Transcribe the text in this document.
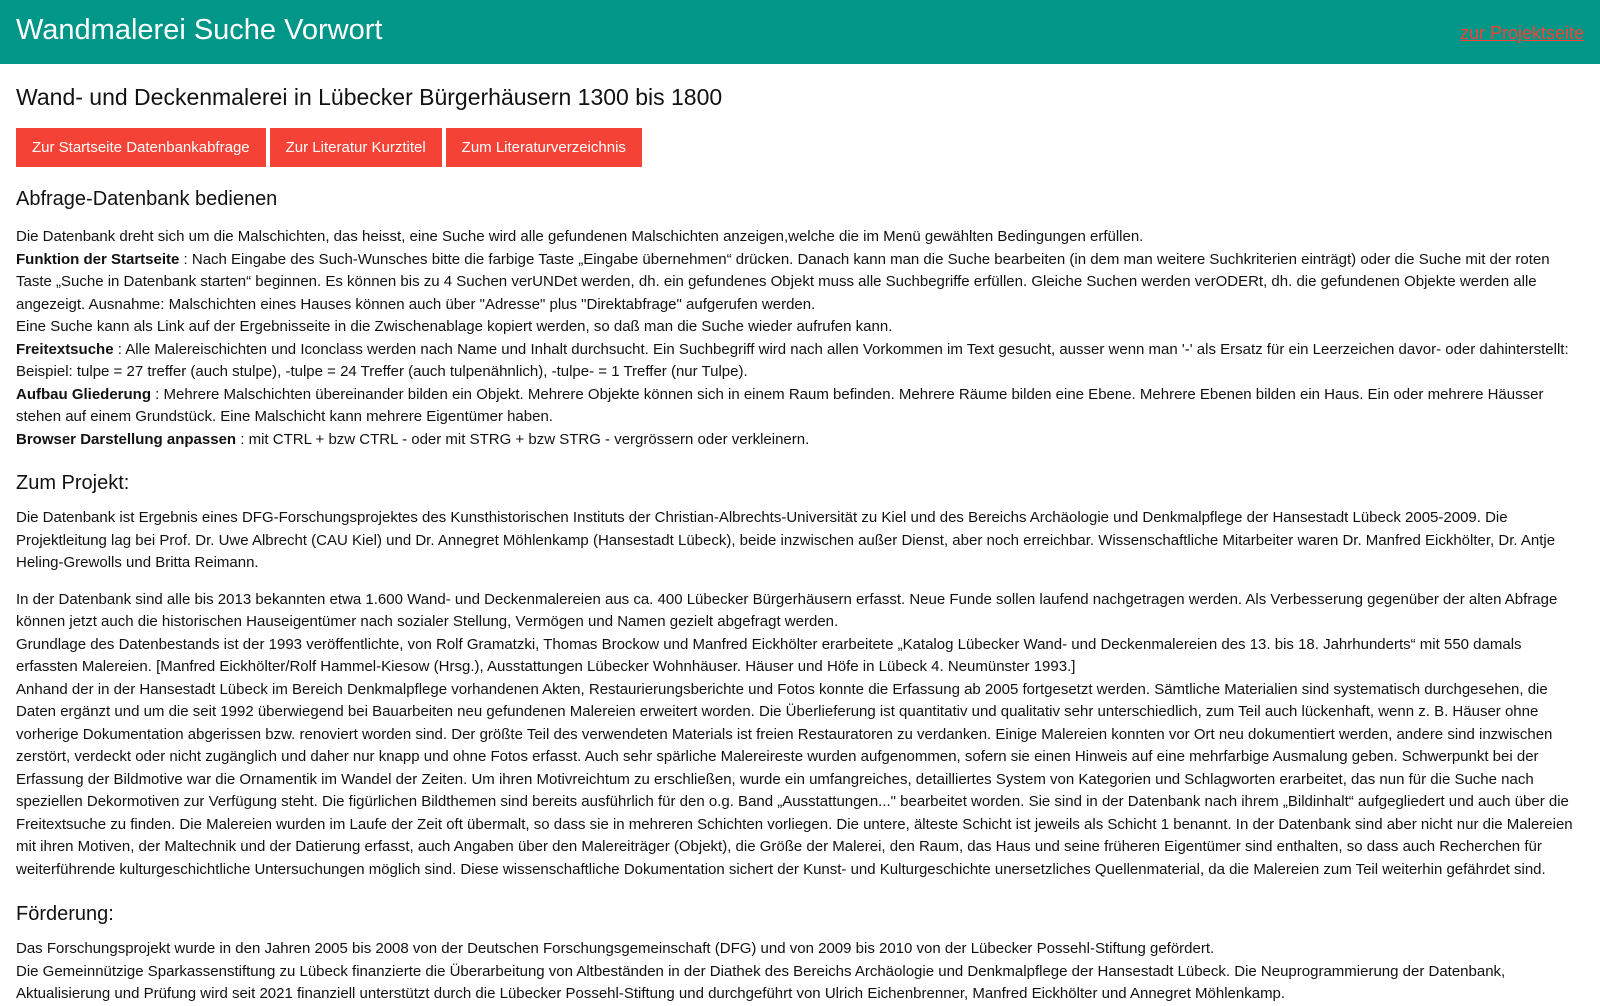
Wandmalerei Suche Vorwort	zur Projektseite
Wand- und Deckenmalerei in Lübecker Bürgerhäusern 1300 bis 1800
Zur Startseite Datenbankabfrage	Zur Literatur Kurztitel	Zum Literaturverzeichnis
Abfrage-Datenbank bedienen

Die Datenbank dreht sich um die Malschichten, das heisst, eine Suche wird alle gefundenen Malschichten anzeigen,welche die im Menü gewählten Bedingungen erfüllen.

Funktion der Startseite : Nach Eingabe des Such-Wunsches bitte die farbige Taste „Eingabe übernehmen“ drücken. Danach kann man die Suche bearbeiten (in dem man weitere Suchkriterien einträgt) oder die Suche mit der roten Taste „Suche in Datenbank starten“ beginnen. Es können bis zu 4 Suchen verUNDet werden, dh. ein gefundenes Objekt muss alle Suchbegriffe erfüllen. Gleiche Suchen werden verODERt, dh. die gefundenen Objekte werden alle angezeigt. Ausnahme: Malschichten eines Hauses können auch über "Adresse" plus "Direktabfrage" aufgerufen werden.

Eine Suche kann als Link auf der Ergebnisseite in die Zwischenablage kopiert werden, so daß man die Suche wieder aufrufen kann.

Freitextsuche : Alle Malereischichten und Iconclass werden nach Name und Inhalt durchsucht. Ein Suchbegriff wird nach allen Vorkommen im Text gesucht, ausser wenn man '-' als Ersatz für ein Leerzeichen davor- oder dahinterstellt: Beispiel: tulpe = 27 treffer (auch stulpe), -tulpe = 24 Treffer (auch tulpenähnlich), -tulpe- = 1 Treffer (nur Tulpe).

Aufbau Gliederung : Mehrere Malschichten übereinander bilden ein Objekt. Mehrere Objekte können sich in einem Raum befinden. Mehrere Räume bilden eine Ebene. Mehrere Ebenen bilden ein Haus. Ein oder mehrere Häusser stehen auf einem Grundstück. Eine Malschicht kann mehrere Eigentümer haben.

Browser Darstellung anpassen : mit CTRL + bzw CTRL - oder mit STRG + bzw STRG - vergrössern oder verkleinern.

Zum Projekt:

Die Datenbank ist Ergebnis eines DFG-Forschungsprojektes des Kunsthistorischen Instituts der Christian-Albrechts-Universität zu Kiel und des Bereichs Archäologie und Denkmalpflege der Hansestadt Lübeck 2005-2009. Die Projektleitung lag bei Prof. Dr. Uwe Albrecht (CAU Kiel) und Dr. Annegret Möhlenkamp (Hansestadt Lübeck), beide inzwischen außer Dienst, aber noch erreichbar. Wissenschaftliche Mitarbeiter waren Dr. Manfred Eickhölter, Dr. Antje Heling-Grewolls und Britta Reimann.

In der Datenbank sind alle bis 2013 bekannten etwa 1.600 Wand- und Deckenmalereien aus ca. 400 Lübecker Bürgerhäusern erfasst. Neue Funde sollen laufend nachgetragen werden. Als Verbesserung gegenüber der alten Abfrage können jetzt auch die historischen Hauseigentümer nach sozialer Stellung, Vermögen und Namen gezielt abgefragt werden.

Grundlage des Datenbestands ist der 1993 veröffentlichte, von Rolf Gramatzki, Thomas Brockow und Manfred Eickhölter erarbeitete „Katalog Lübecker Wand- und Deckenmalereien des 13. bis 18. Jahrhunderts“ mit 550 damals erfassten Malereien. [Manfred Eickhölter/Rolf Hammel-Kiesow (Hrsg.), Ausstattungen Lübecker Wohnhäuser. Häuser und Höfe in Lübeck 4. Neumünster 1993.]

Anhand der in der Hansestadt Lübeck im Bereich Denkmalpflege vorhandenen Akten, Restaurierungsberichte und Fotos konnte die Erfassung ab 2005 fortgesetzt werden. Sämtliche Materialien sind systematisch durchgesehen, die Daten ergänzt und um die seit 1992 überwiegend bei Bauarbeiten neu gefundenen Malereien erweitert worden. Die Überlieferung ist quantitativ und qualitativ sehr unterschiedlich, zum Teil auch lückenhaft, wenn z. B. Häuser ohne vorherige Dokumentation abgerissen bzw. renoviert worden sind. Der größte Teil des verwendeten Materials ist freien Restauratoren zu verdanken. Einige Malereien konnten vor Ort neu dokumentiert werden, andere sind inzwischen zerstört, verdeckt oder nicht zugänglich und daher nur knapp und ohne Fotos erfasst. Auch sehr spärliche Malereireste wurden aufgenommen, sofern sie einen Hinweis auf eine mehrfarbige Ausmalung geben. Schwerpunkt bei der Erfassung der Bildmotive war die Ornamentik im Wandel der Zeiten. Um ihren Motivreichtum zu erschließen, wurde ein umfangreiches, detailliertes System von Kategorien und Schlagworten erarbeitet, das nun für die Suche nach speziellen Dekormotiven zur Verfügung steht. Die figürlichen Bildthemen sind bereits ausführlich für den o.g. Band „Ausstattungen..." bearbeitet worden. Sie sind in der Datenbank nach ihrem „Bildinhalt“ aufgegliedert und auch über die Freitextsuche zu finden. Die Malereien wurden im Laufe der Zeit oft übermalt, so dass sie in mehreren Schichten vorliegen. Die untere, älteste Schicht ist jeweils als Schicht 1 benannt. In der Datenbank sind aber nicht nur die Malereien mit ihren Motiven, der Maltechnik und der Datierung erfasst, auch Angaben über den Malereiträger (Objekt), die Größe der Malerei, den Raum, das Haus und seine früheren Eigentümer sind enthalten, so dass auch Recherchen für weiterführende kulturgeschichtliche Untersuchungen möglich sind. Diese wissenschaftliche Dokumentation sichert der Kunst- und Kulturgeschichte unersetzliches Quellenmaterial, da die Malereien zum Teil weiterhin gefährdet sind.

Förderung:

Das Forschungsprojekt wurde in den Jahren 2005 bis 2008 von der Deutschen Forschungsgemeinschaft (DFG) und von 2009 bis 2010 von der Lübecker Possehl-Stiftung gefördert.

Die Gemeinnützige Sparkassenstiftung zu Lübeck finanzierte die Überarbeitung von Altbeständen in der Diathek des Bereichs Archäologie und Denkmalpflege der Hansestadt Lübeck. Die Neuprogrammierung der Datenbank, Aktualisierung und Prüfung wird seit 2021 finanziell unterstützt durch die Lübecker Possehl-Stiftung und durchgeführt von Ulrich Eichenbrenner, Manfred Eickhölter und Annegret Möhlenkamp.
